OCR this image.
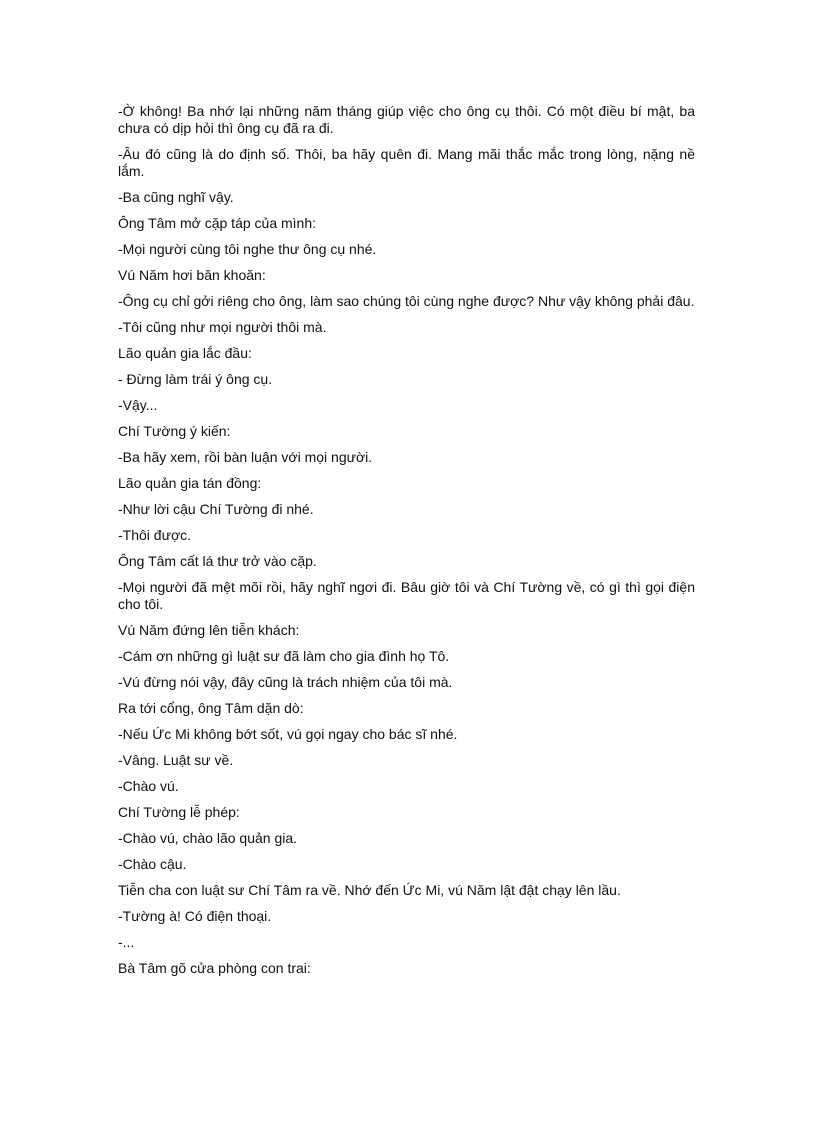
-Ờ không! Ba nhớ lại những năm tháng giúp việc cho ông cụ thôi. Có một điều bí mật, ba chưa có dịp hỏi thì ông cụ đã ra đi.

-Âu đó cũng là do định số. Thôi, ba hãy quên đi. Mang mãi thắc mắc trong lòng, nặng nề lắm.

-Ba cũng nghĩ vậy.

Ông Tâm mở cặp táp của mình:

-Mọi người cùng tôi nghe thư ông cụ nhé.

Vú Năm hơi băn khoăn:

-Ông cụ chỉ gởi riêng cho ông, làm sao chúng tôi cùng nghe được? Như vậy không phải đâu.

-Tôi cũng như mọi người thôi mà.

Lão quản gia lắc đầu:

- Đừng làm trái ý ông cụ.

-Vậy...

Chí Tường ý kiến:

-Ba hãy xem, rồi bàn luận với mọi người.

Lão quản gia tán đồng:

-Như lời cậu Chí Tường đi nhé.

-Thôi được.

Ông Tâm cất lá thư trở vào cặp.

-Mọi người đã mệt mõi rồi, hãy nghĩ ngơi đi. Bâu giờ tôi và Chí Tường về, có gì thì gọi điện cho tôi.

Vú Năm đứng lên tiễn khách:

-Cám ơn những gì luật sư đã làm cho gia đình họ Tô.

-Vú đừng nói vậy, đây cũng là trách nhiệm của tôi mà.

Ra tới cổng, ông Tâm dặn dò:

-Nếu Ức Mi không bớt sốt, vú gọi ngay cho bác sĩ nhé.

-Vâng. Luật sư về.

-Chào vú.

Chí Tường lễ phép:

-Chào vú, chào lão quản gia.

-Chào cậu.

Tiễn cha con luật sư Chí Tâm ra về. Nhớ đến Ức Mi, vú Năm lật đật chạy lên lầu.

-Tường à! Có điện thoại.

-...

Bà Tâm gõ cửa phòng con trai:
